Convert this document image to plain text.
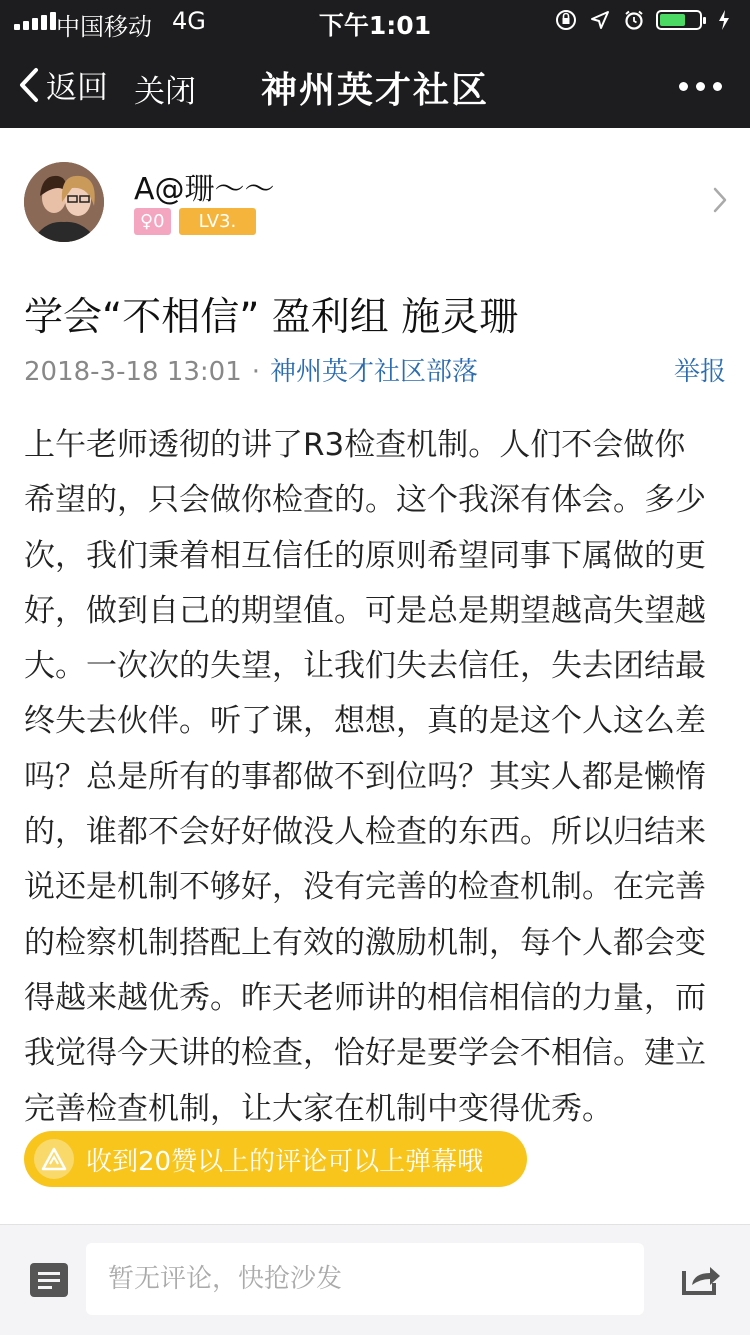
中国移动 4G	下午1:01
返回 关闭	神州英才社区
A@珊～～
♀0	LV3.
学会“不相信” 盈利组 施灵珊
2018-3-18 13:01 · 神州英才社区部落	举报
上午老师透彻的讲了R3检查机制。人们不会做你希望的，只会做你检查的。这个我深有体会。多少次，我们秉着相互信任的原则希望同事下属做的更好，做到自己的期望值。可是总是期望越高失望越大。一次次的失望，让我们失去信任，失去团结最终失去伙伴。听了课，想想，真的是这个人这么差吗？总是所有的事都做不到位吗？其实人都是懒惰的，谁都不会好好做没人检查的东西。所以归结来说还是机制不够好，没有完善的检查机制。在完善的检察机制搭配上有效的激励机制，每个人都会变得越来越优秀。昨天老师讲的相信相信的力量，而我觉得今天讲的检查，恰好是要学会不相信。建立完善检查机制，让大家在机制中变得优秀。
收到20赞以上的评论可以上弹幕哦
暂无评论，快抢沙发
